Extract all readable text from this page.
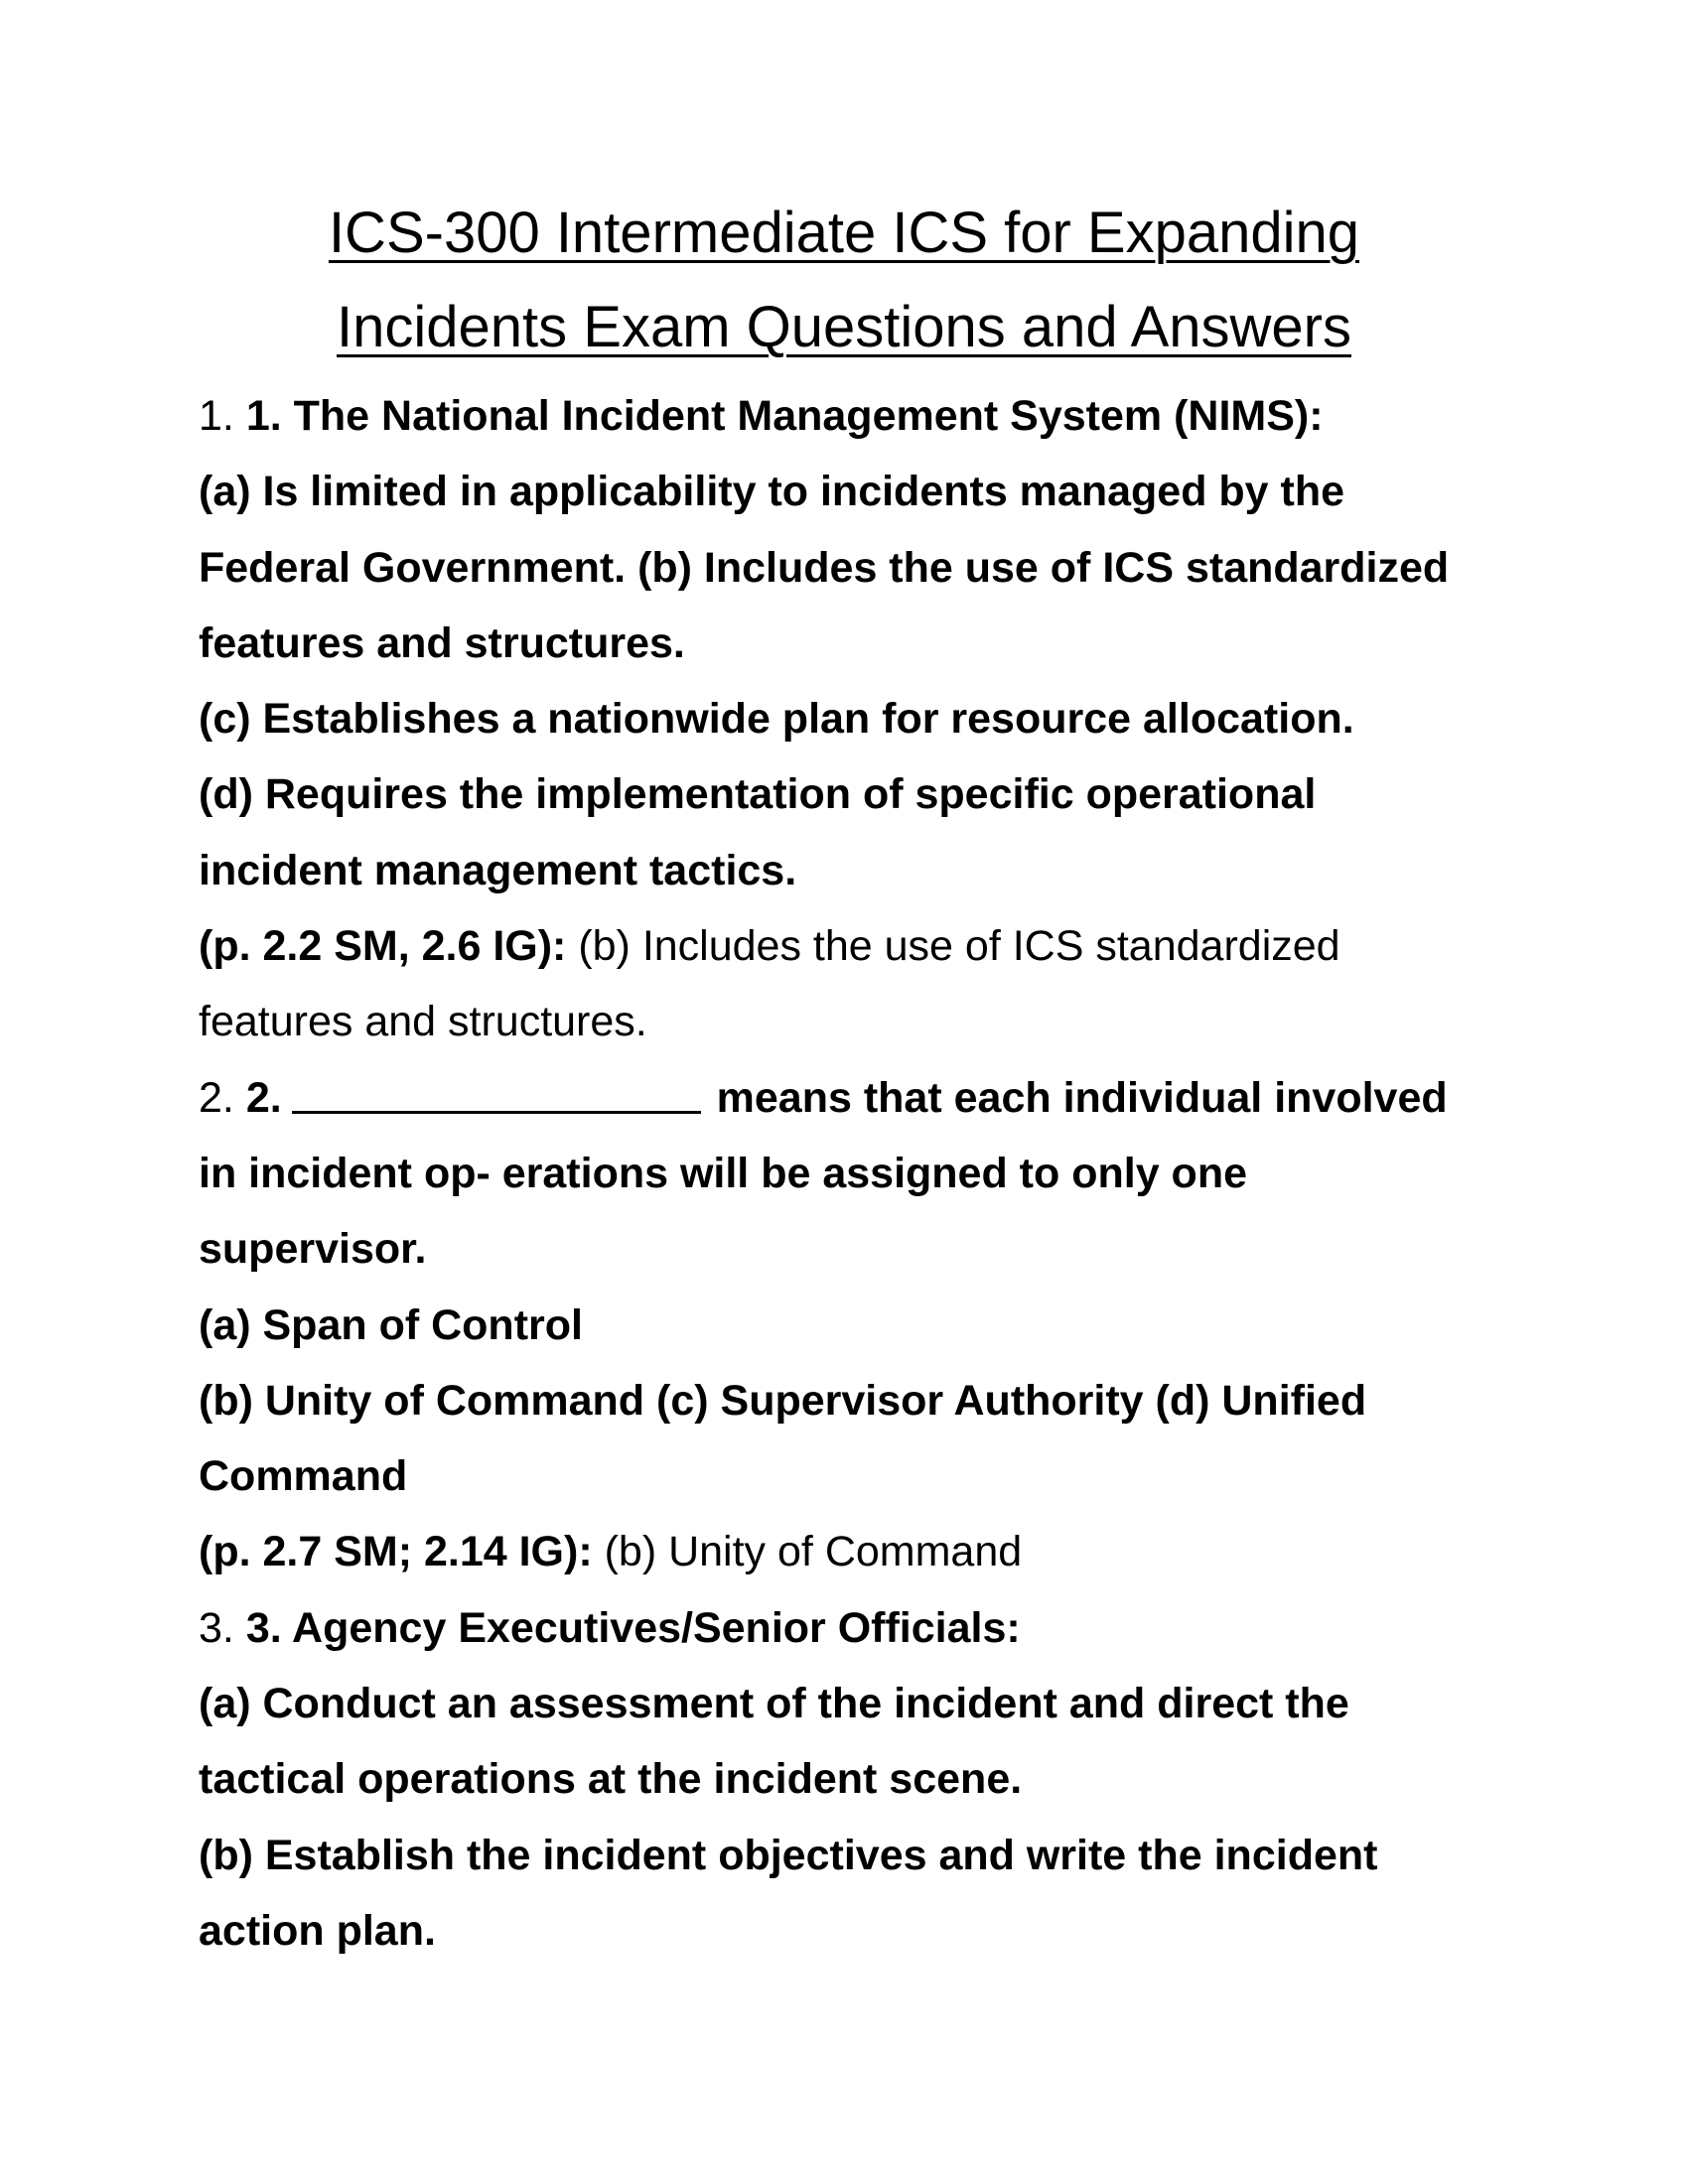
ICS-300 Intermediate ICS for Expanding
Incidents Exam Questions and Answers
1. 1. The National Incident Management System (NIMS):
(a) Is limited in applicability to incidents managed by the
Federal Government. (b) Includes the use of ICS standardized
features and structures.
(c) Establishes a nationwide plan for resource allocation.
(d) Requires the implementation of specific operational
incident management tactics.
(p. 2.2 SM, 2.6 IG): (b) Includes the use of ICS standardized
features and structures.
2. 2.	means that each individual involved
in incident op- erations will be assigned to only one
supervisor.
(a) Span of Control
(b) Unity of Command (c) Supervisor Authority (d) Unified
Command
(p. 2.7 SM; 2.14 IG): (b) Unity of Command
3. 3. Agency Executives/Senior Officials:
(a) Conduct an assessment of the incident and direct the
tactical operations at the incident scene.
(b) Establish the incident objectives and write the incident
action plan.
